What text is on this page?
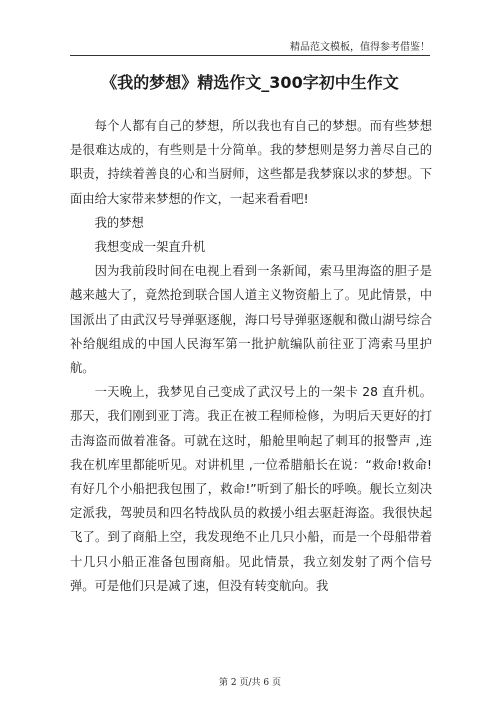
精品范文模板，值得参考借鉴！
《我的梦想》精选作文_300字初中生作文

每个人都有自己的梦想，所以我也有自己的梦想。而有些梦想是很难达成的，有些则是十分简单。我的梦想则是努力善尽自己的职责，持续着善良的心和当厨师，这些都是我梦寐以求的梦想。下面由给大家带来梦想的作文，一起来看看吧!

我的梦想

我想变成一架直升机

因为我前段时间在电视上看到一条新闻，索马里海盗的胆子是越来越大了，竟然抢到联合国人道主义物资船上了。见此情景，中国派出了由武汉号导弹驱逐舰，海口号导弹驱逐舰和微山湖号综合补给舰组成的中国人民海军第一批护航编队前往亚丁湾索马里护航。

一天晚上，我梦见自己变成了武汉号上的一架卡 28 直升机。那天，我们刚到亚丁湾。我正在被工程师检修，为明后天更好的打击海盗而做着准备。可就在这时，船舱里响起了刺耳的报警声 ,连我在机库里都能听见。对讲机里 ,一位希腊船长在说：“救命!救命!有好几个小船把我包围了，救命!”听到了船长的呼唤。舰长立刻决定派我，驾驶员和四名特战队员的救援小组去驱赶海盗。我很快起飞了。到了商船上空，我发现绝不止几只小船，而是一个母船带着十几只小船正准备包围商船。见此情景，我立刻发射了两个信号弹。可是他们只是减了速，但没有转变航向。我

第 2 页/共 6 页
